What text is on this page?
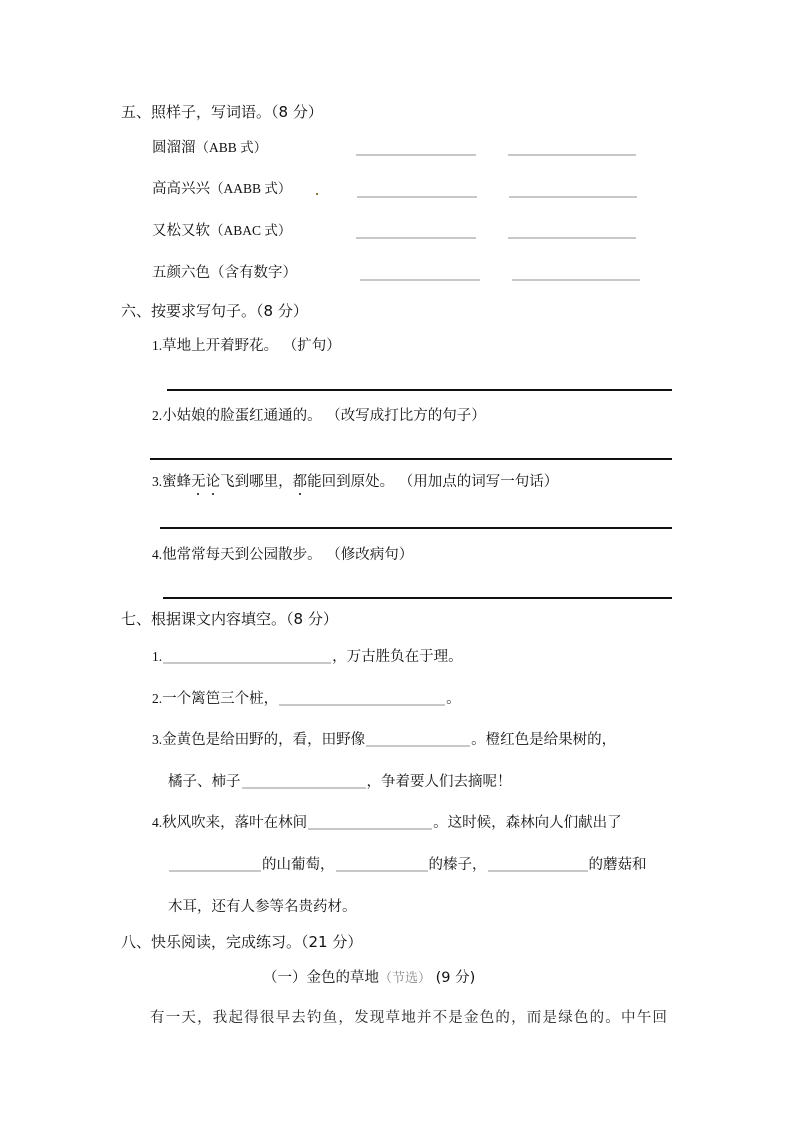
五、照样子，写词语。（8 分）
圆溜溜（ABB 式）
高高兴兴（AABB 式）
又松又软（ABAC 式）
五颜六色（含有数字）
六、按要求写句子。（8 分）
1.草地上开着野花。 （扩句）
2.小姑娘的脸蛋红通通的。 （改写成打比方的句子）
3.蜜蜂无论飞到哪里，都能回到原处。 （用加点的词写一句话）
4.他常常每天到公园散步。 （修改病句）
七、根据课文内容填空。（8 分）
1.	，万古胜负在于理。
2.一个篱笆三个桩，	。
3.金黄色是给田野的，看，田野像	。橙红色是给果树的，
橘子、柿子	，争着要人们去摘呢！
4.秋风吹来，落叶在林间	。这时候，森林向人们献出了
的山葡萄，	的榛子，	的蘑菇和
木耳，还有人参等名贵药材。
八、快乐阅读，完成练习。（21 分）
（一）金色的草地（节选） (9 分)
有一天，我起得很早去钓鱼，发现草地并不是金色的，而是绿色的。中午回
